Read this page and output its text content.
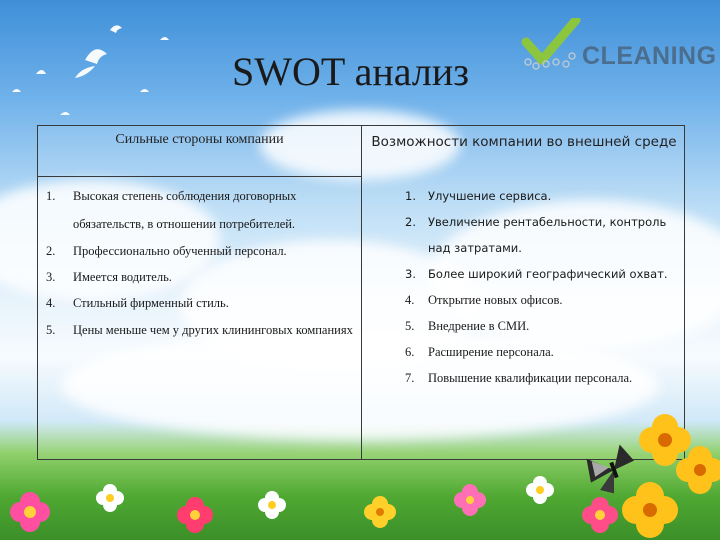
SWOT анализ	CLEANING
Сильные стороны компании	Возможности компании во внешней среде
1. Высокая степень соблюдения договорных обязательств, в отношении потребителей.
2. Профессионально обученный персонал.
3. Имеется водитель.
4. Стильный фирменный стиль.
5. Цены меньше чем у других клининговых компаниях
1. Улучшение сервиса.
2. Увеличение рентабельности, контроль над затратами.
3. Более широкий географический охват.
4. Открытие новых офисов.
5. Внедрение в СМИ.
6. Расширение персонала.
7. Повышение квалификации персонала.
